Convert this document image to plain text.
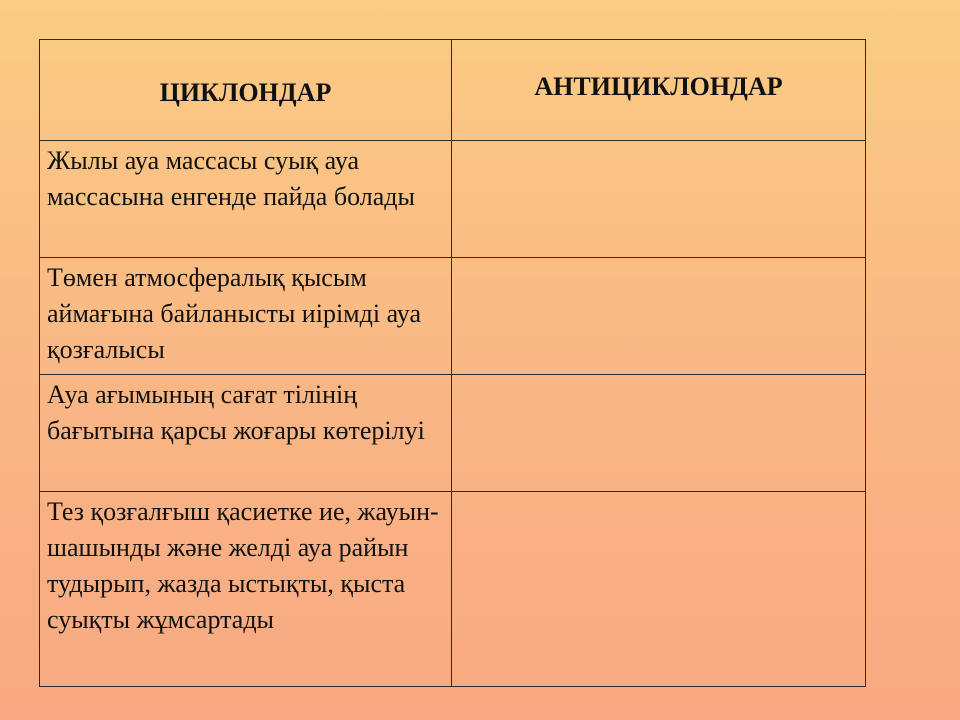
ЦИКЛОНДАР	АНТИЦИКЛОНДАР

Жылы ауа массасы суық ауа массасына енгенде пайда болады	
Төмен атмосфералық қысым аймағына байланысты иірімді ауа қозғалысы	
Ауа ағымының сағат тілінің бағытына қарсы жоғары көтерілуі	
Тез қозғалғыш қасиетке ие, жауын-шашынды және желді ауа райын тудырып, жазда ыстықты, қыста суықты жұмсартады	
